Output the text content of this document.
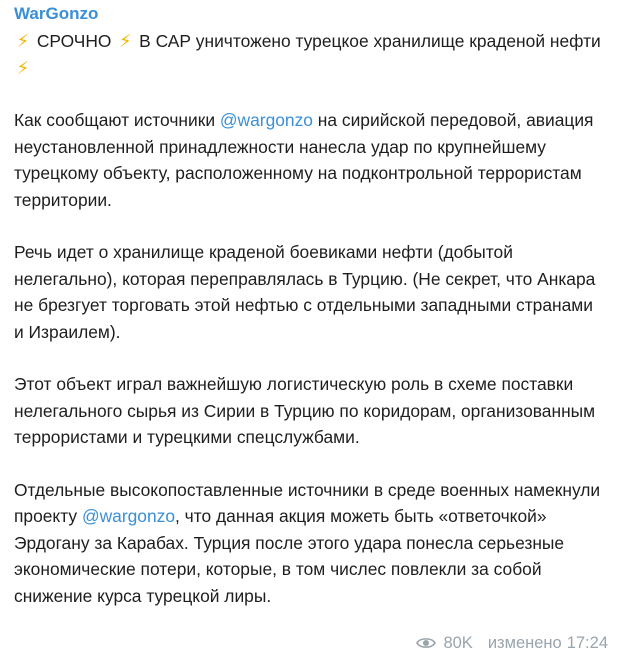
WarGonzo
⚡ СРОЧНО ⚡ В САР уничтожено турецкое хранилище краденой нефти ⚡
Как сообщают источники @wargonzo на сирийской передовой, авиация неустановленной принадлежности нанесла удар по крупнейшему турецкому объекту, расположенному на подконтрольной террористам территории.
Речь идет о хранилище краденой боевиками нефти (добытой нелегально), которая переправлялась в Турцию. (Не секрет, что Анкара не брезгует торговать этой нефтью с отдельными западными странами и Израилем).
Этот объект играл важнейшую логистическую роль в схеме поставки нелегального сырья из Сирии в Турцию по коридорам, организованным террористами и турецкими спецслужбами.
Отдельные высокопоставленные источники в среде военных намекнули проекту @wargonzo, что данная акция можеть быть «ответочкой» Эрдогану за Карабах. Турция после этого удара понесла серьезные экономические потери, которые, в том числес повлекли за собой снижение курса турецкой лиры.
80K изменено 17:24
